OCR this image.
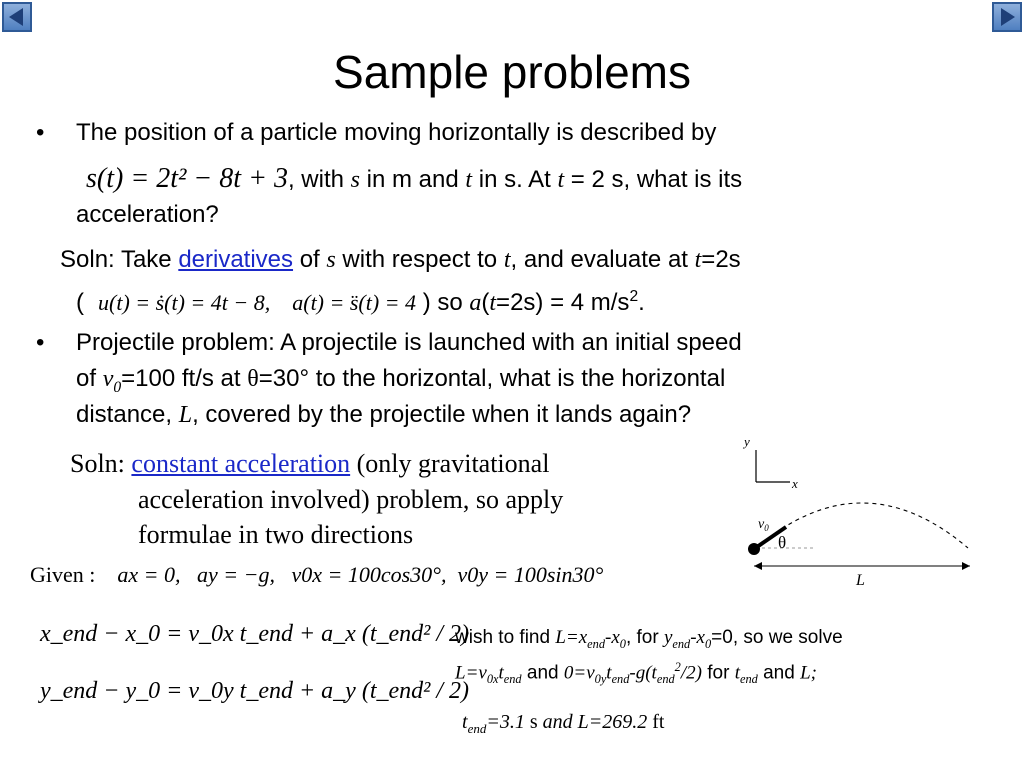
Sample problems
• The position of a particle moving horizontally is described by
s(t) = 2t² − 8t + 3, with s in m and t in s. At t = 2 s, what is its
acceleration?
Soln: Take derivatives of s with respect to t, and evaluate at t=2s
( u(t) = ṡ(t) = 4t − 8,    a(t) = s̈(t) = 4 ) so a(t=2s) = 4 $m/s^2$.
• Projectile problem: A projectile is launched with an initial speed
of $v_0=100$ ft/s at θ=30° to the horizontal, what is the horizontal
distance, L, covered by the projectile when it lands again?
Soln: constant acceleration (only gravitational
acceleration involved) problem, so apply
formulae in two directions
Given : ax = 0,   ay = −g,   v0x = 100cos30°,  v0y = 100sin30°
x_end − x_0 = v_0x t_end + a_x (t_end² / 2)
y_end − y_0 = v_0y t_end + a_y (t_end² / 2)
wish to find $L=x_{end}-x_0$, for $y_{end}-x_0=0$, so we solve
$L=v_{0x}t_{end}$ and $0=v_{0y}t_{end}-g(t_{end}^2/2)$ for $t_{end}$ and L;
$t_{end}=3.1$ s and L=269.2 ft
y
x
$v_0$
θ
L
